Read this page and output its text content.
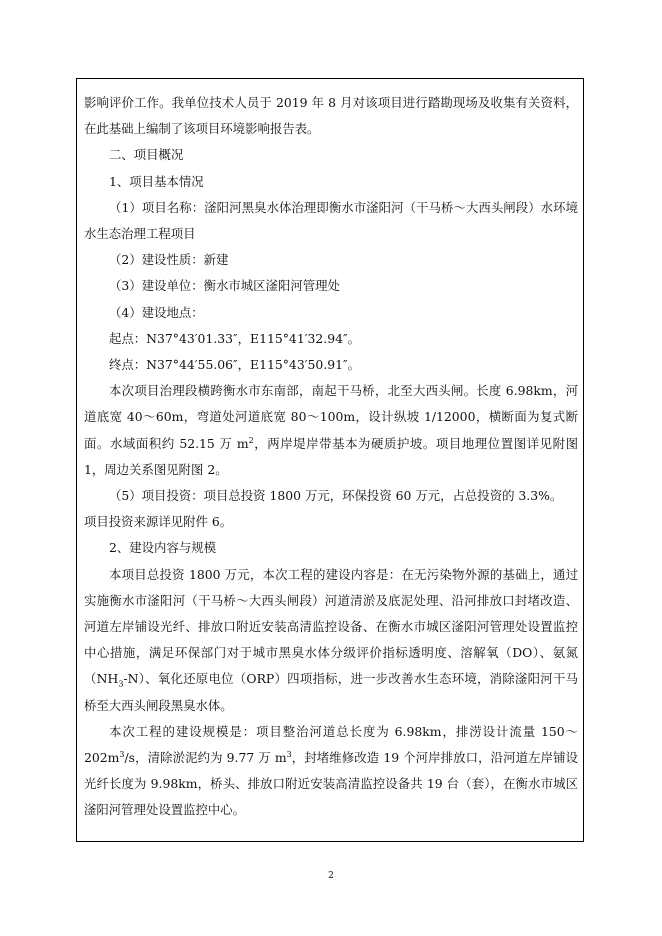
影响评价工作。我单位技术人员于 2019 年 8 月对该项目进行踏勘现场及收集有关资料，在此基础上编制了该项目环境影响报告表。

二、项目概况

1、项目基本情况

（1）项目名称：滏阳河黑臭水体治理即衡水市滏阳河（干马桥～大西头闸段）水环境水生态治理工程项目

（2）建设性质：新建

（3）建设单位：衡水市城区滏阳河管理处

（4）建设地点：

起点：N37°43′01.33″，E115°41′32.94″。

终点：N37°44′55.06″，E115°43′50.91″。

本次项目治理段横跨衡水市东南部，南起干马桥，北至大西头闸。长度 6.98km，河道底宽 40～60m，弯道处河道底宽 80～100m，设计纵坡 1/12000，横断面为复式断面。水域面积约 52.15 万 $m^2$，两岸堤岸带基本为硬质护坡。项目地理位置图详见附图 1，周边关系图见附图 2。

（5）项目投资：项目总投资 1800 万元，环保投资 60 万元，占总投资的 3.3%。

项目投资来源详见附件 6。

2、建设内容与规模

本项目总投资 1800 万元，本次工程的建设内容是：在无污染物外源的基础上，通过实施衡水市滏阳河（干马桥～大西头闸段）河道清淤及底泥处理、沿河排放口封堵改造、河道左岸铺设光纤、排放口附近安装高清监控设备、在衡水市城区滏阳河管理处设置监控中心措施，满足环保部门对于城市黑臭水体分级评价指标透明度、溶解氧（DO）、氨氮$(NH_3-N)$、氧化还原电位（ORP）四项指标，进一步改善水生态环境，消除滏阳河干马桥至大西头闸段黑臭水体。

本次工程的建设规模是：项目整治河道总长度为 6.98km，排涝设计流量 $150\sim 202m^3/s$，清除淤泥约为 9.77 万 $m^3$，封堵维修改造 19 个河岸排放口，沿河道左岸铺设光纤长度为 9.98km，桥头、排放口附近安装高清监控设备共 19 台（套），在衡水市城区滏阳河管理处设置监控中心。

2
